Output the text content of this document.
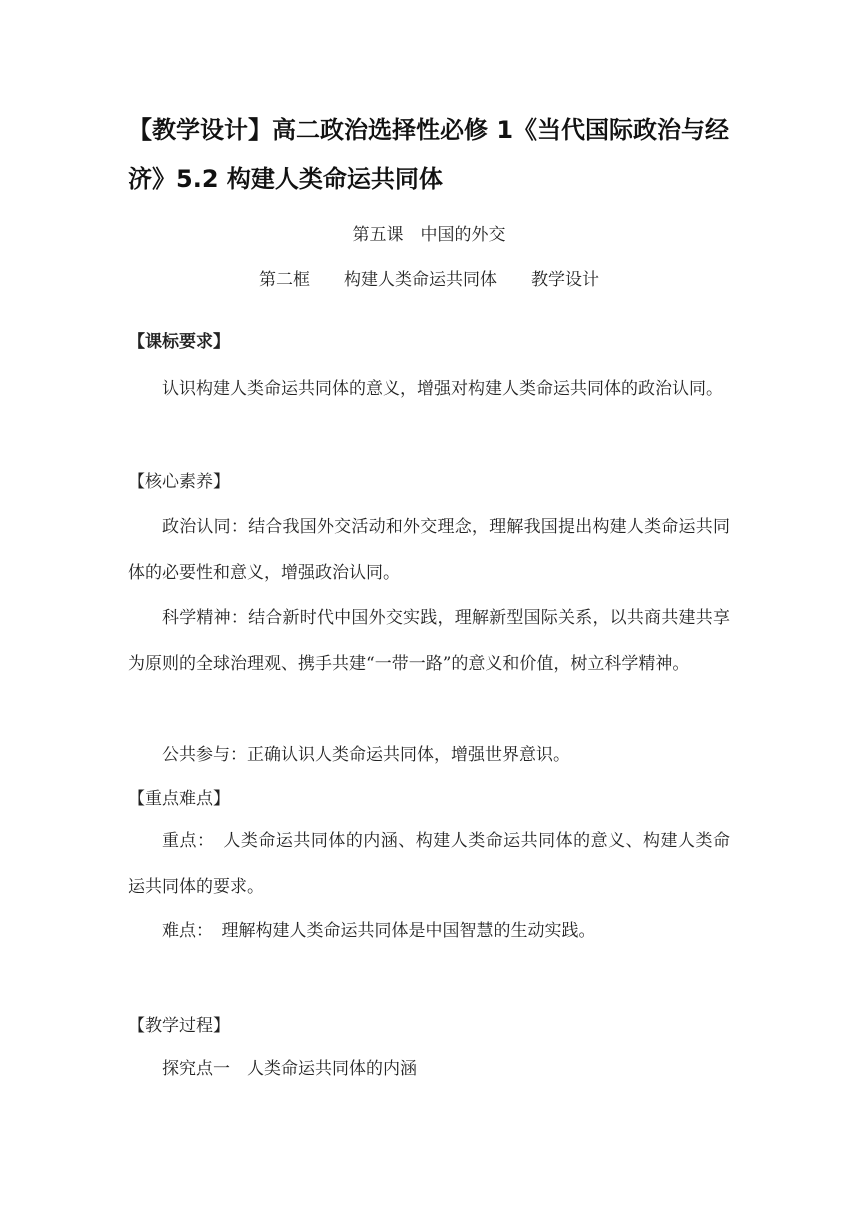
【教学设计】高二政治选择性必修 1《当代国际政治与经济》5.2 构建人类命运共同体
第五课　中国的外交
第二框　　构建人类命运共同体　　教学设计
【课标要求】

认识构建人类命运共同体的意义，增强对构建人类命运共同体的政治认同。

【核心素养】

政治认同：结合我国外交活动和外交理念，理解我国提出构建人类命运共同体的必要性和意义，增强政治认同。

科学精神：结合新时代中国外交实践，理解新型国际关系，以共商共建共享为原则的全球治理观、携手共建“一带一路”的意义和价值，树立科学精神。

公共参与：正确认识人类命运共同体，增强世界意识。

【重点难点】

重点：　人类命运共同体的内涵、构建人类命运共同体的意义、构建人类命运共同体的要求。

难点：　理解构建人类命运共同体是中国智慧的生动实践。

【教学过程】

探究点一　人类命运共同体的内涵
